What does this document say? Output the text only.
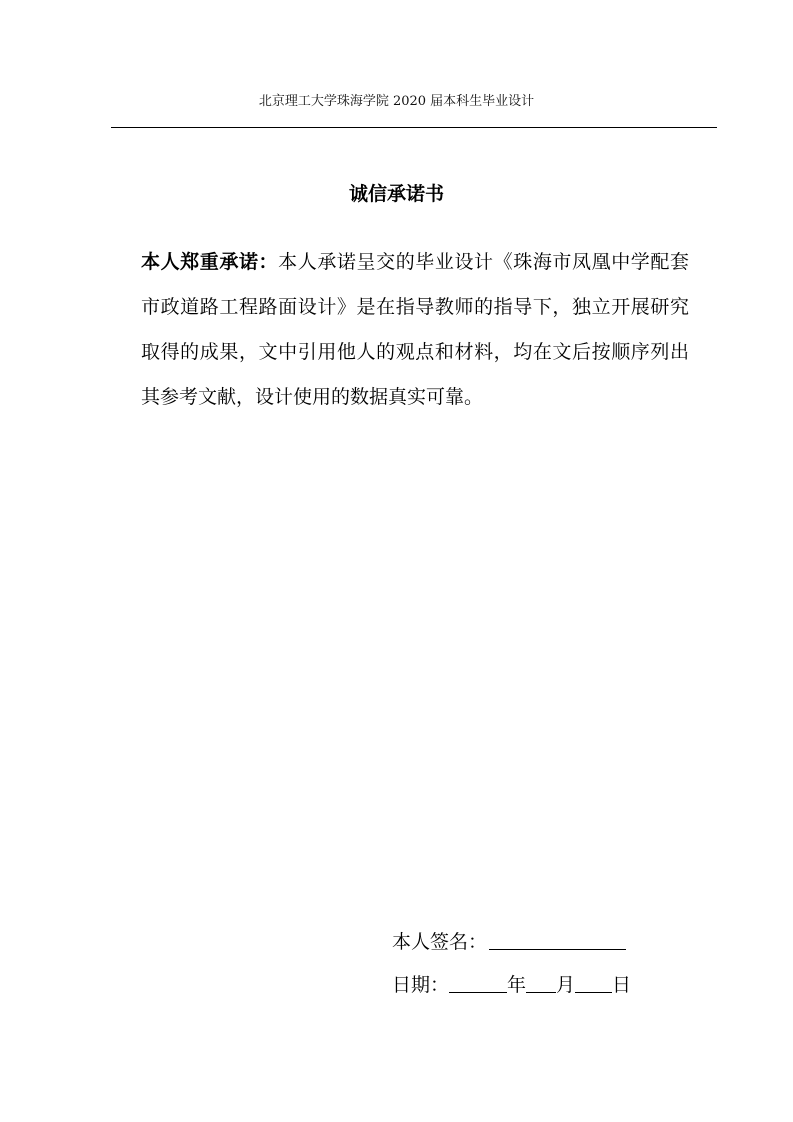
北京理工大学珠海学院 2020 届本科生毕业设计
诚信承诺书
本人郑重承诺：本人承诺呈交的毕业设计《珠海市凤凰中学配套市政道路工程路面设计》是在指导教师的指导下，独立开展研究取得的成果，文中引用他人的观点和材料，均在文后按顺序列出其参考文献，设计使用的数据真实可靠。
本人签名：
日期：	年 月 日
